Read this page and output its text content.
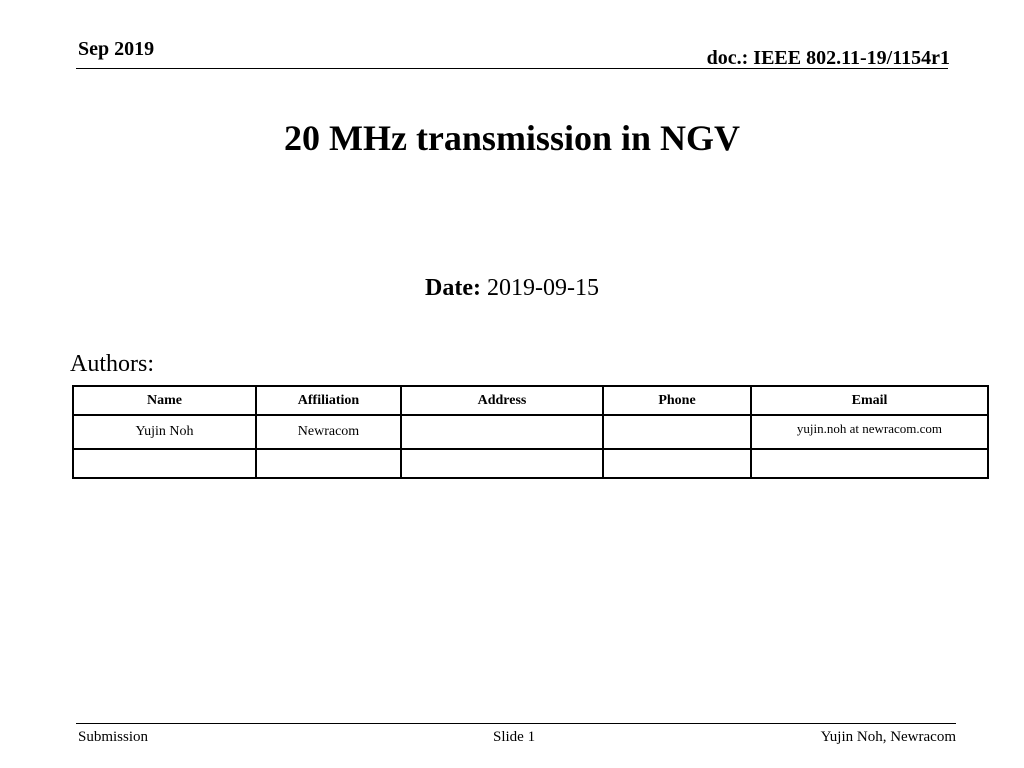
Sep 2019	doc.: IEEE 802.11-19/1154r1
20 MHz transmission in NGV
Date: 2019-09-15
Authors:
Name	Affiliation	Address	Phone	Email
Yujin Noh	Newracom			yujin.noh at newracom.com

Submission	Slide 1	Yujin Noh, Newracom
